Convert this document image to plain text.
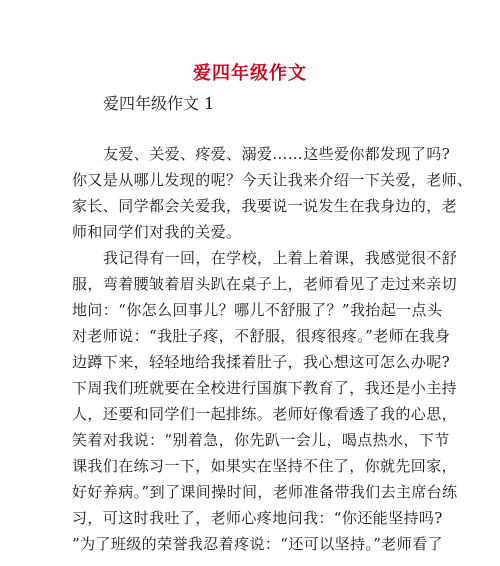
爱四年级作文
爱四年级作文 1
友爱、关爱、疼爱、溺爱……这些爱你都发现了吗?
你又是从哪儿发现的呢？今天让我来介绍一下关爱，老师、
家长、同学都会关爱我，我要说一说发生在我身边的，老
师和同学们对我的关爱。
我记得有一回，在学校，上着上着课，我感觉很不舒
服，弯着腰皱着眉头趴在桌子上，老师看见了走过来亲切
地问：“你怎么回事儿？哪儿不舒服了？”我抬起一点头
对老师说：“我肚子疼，不舒服，很疼很疼。”老师在我身
边蹲下来，轻轻地给我揉着肚子，我心想这可怎么办呢?
下周我们班就要在全校进行国旗下教育了，我还是小主持
人，还要和同学们一起排练。老师好像看透了我的心思，
笑着对我说：“别着急，你先趴一会儿，喝点热水，下节
课我们在练习一下，如果实在坚持不住了，你就先回家，
好好养病。”到了课间操时间，老师准备带我们去主席台练
习，可这时我吐了，老师心疼地问我：“你还能坚持吗?
”为了班级的荣誉我忍着疼说：“还可以坚持。”老师看了
